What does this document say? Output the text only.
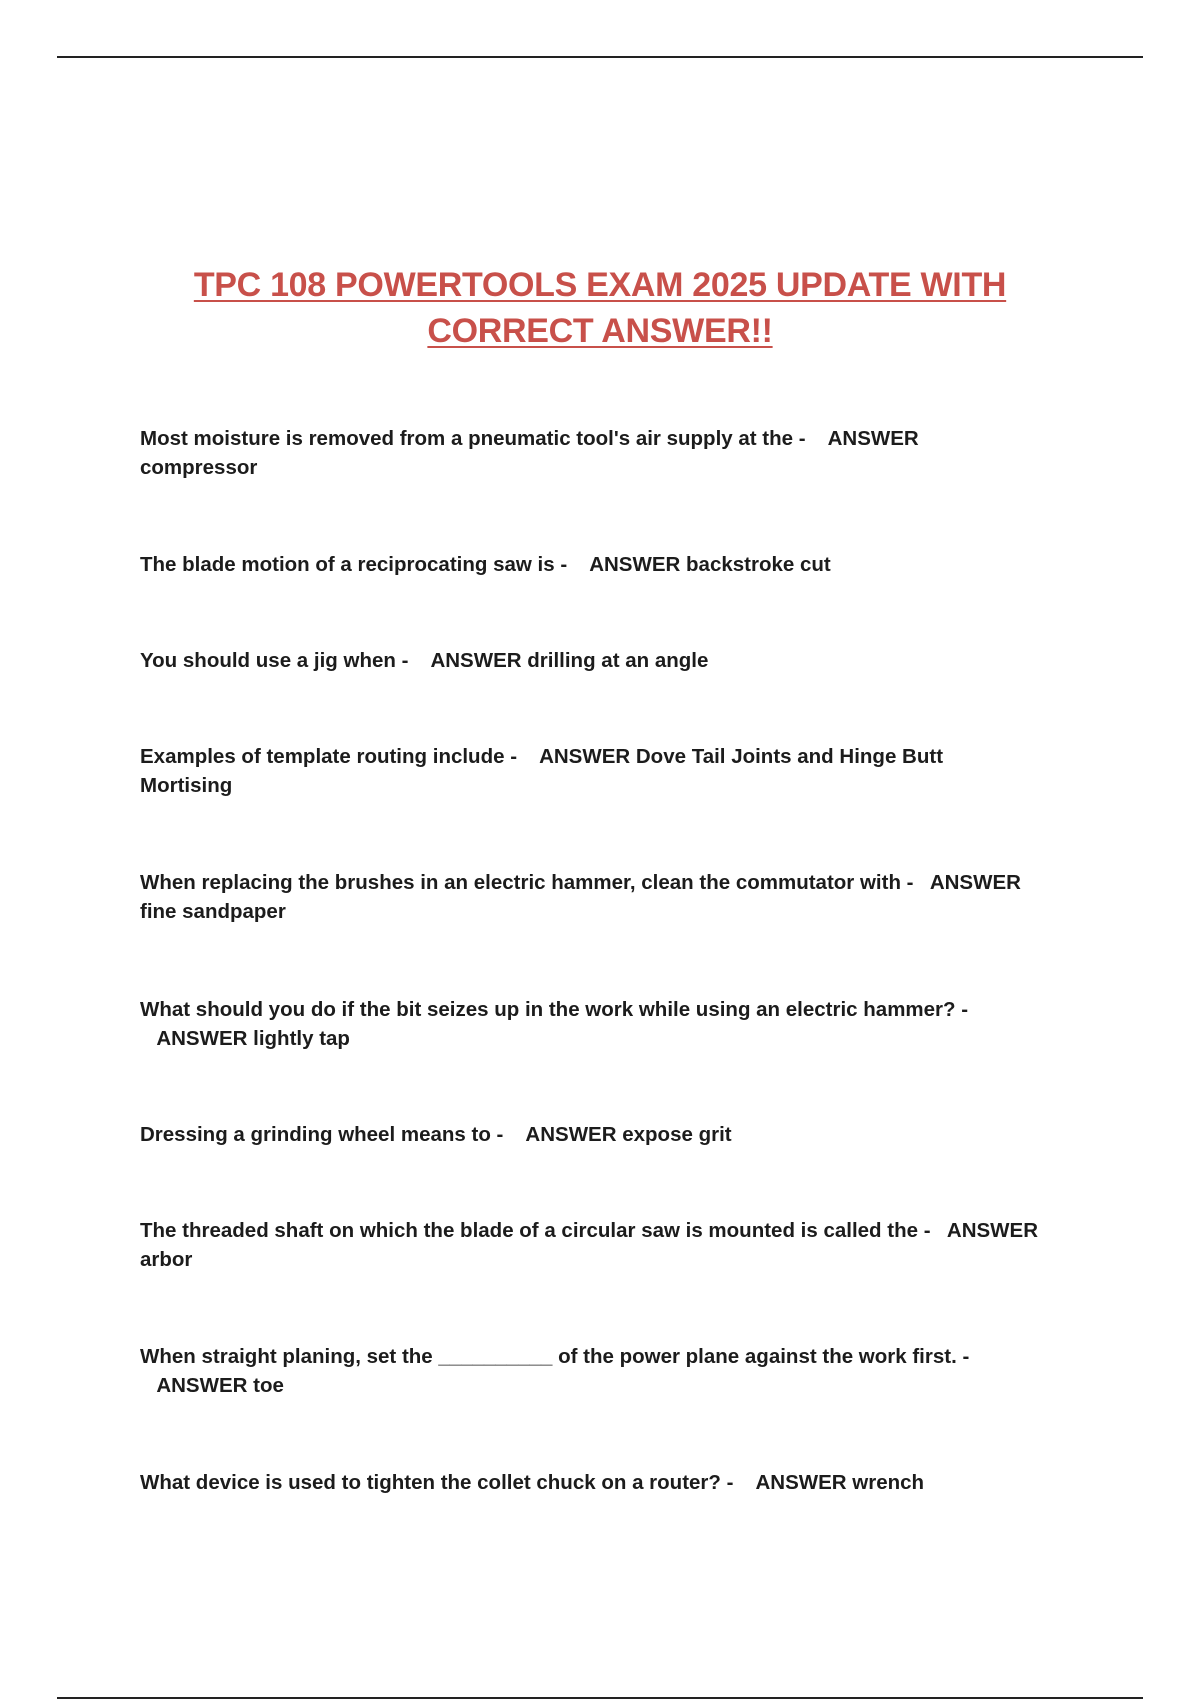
TPC 108 POWERTOOLS EXAM 2025 UPDATE WITH
CORRECT ANSWER!!

Most moisture is removed from a pneumatic tool's air supply at the - ANSWER compressor

The blade motion of a reciprocating saw is - ANSWER backstroke cut

You should use a jig when - ANSWER drilling at an angle

Examples of template routing include - ANSWER Dove Tail Joints and Hinge Butt Mortising

When replacing the brushes in an electric hammer, clean the commutator with - ANSWER fine sandpaper

What should you do if the bit seizes up in the work while using an electric hammer? -   ANSWER lightly tap

Dressing a grinding wheel means to - ANSWER expose grit

The threaded shaft on which the blade of a circular saw is mounted is called the - ANSWER arbor

When straight planing, set the __________ of the power plane against the work first. -   ANSWER toe

What device is used to tighten the collet chuck on a router? - ANSWER wrench
